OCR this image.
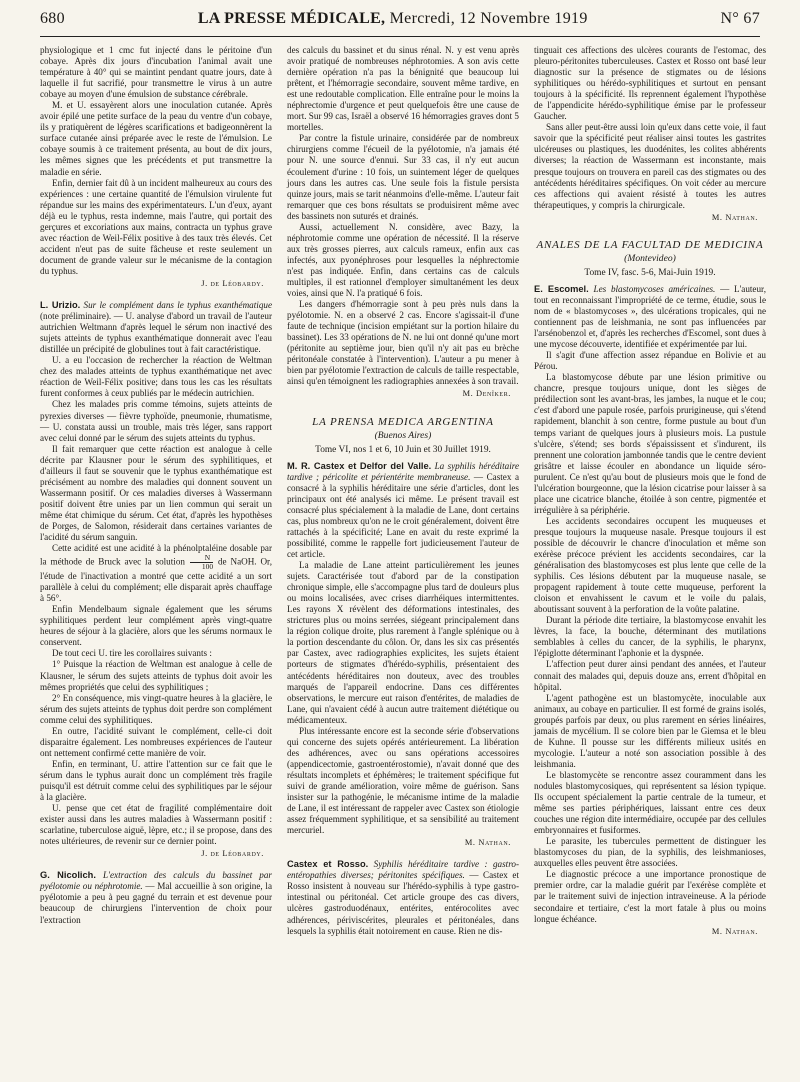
680	LA PRESSE MÉDICALE, Mercredi, 12 Novembre 1919	N° 67

physiologique et 1 cmc fut injecté dans le péritoine d'un cobaye. Après dix jours d'incubation l'animal avait une température à 40° qui se maintint pendant quatre jours, date à laquelle il fut sacrifié, pour transmettre le virus à un autre cobaye au moyen d'une émulsion de substance cérébrale.

M. et U. essayèrent alors une inoculation cutanée. Après avoir épilé une petite surface de la peau du ventre d'un cobaye, ils y pratiquèrent de légères scarifications et badigeonnèrent la surface cutanée ainsi préparée avec le reste de l'émulsion. Le cobaye soumis à ce traitement présenta, au bout de dix jours, les mêmes signes que les précédents et put transmettre la maladie en série.

Enfin, dernier fait dû à un incident malheureux au cours des expériences : une certaine quantité de l'émulsion virulente fut répandue sur les mains des expérimentateurs. L'un d'eux, ayant déjà eu le typhus, resta indemne, mais l'autre, qui portait des gerçures et excoriations aux mains, contracta un typhus grave avec réaction de Weil-Félix positive à des taux très élevés. Cet accident n'eut pas de suite fâcheuse et reste seulement un document de grande valeur sur le mécanisme de la contagion du typhus.

J. de Léobardy.

L. Urizio. Sur le complément dans le typhus exanthématique (note préliminaire). — U. analyse d'abord un travail de l'auteur autrichien Weltmann d'après lequel le sérum non inactivé des sujets atteints de typhus exanthématique donnerait avec l'eau distillée un précipité de globulines tout à fait caractéristique.

U. a eu l'occasion de rechercher la réaction de Weltman chez des malades atteints de typhus exanthématique net avec réaction de Weil-Félix positive; dans tous les cas les résultats furent conformes à ceux publiés par le médecin autrichien.

Chez les malades pris comme témoins, sujets atteints de pyrexies diverses — fièvre typhoïde, pneumonie, rhumatisme, — U. constata aussi un trouble, mais très léger, sans rapport avec celui donné par le sérum des sujets atteints du typhus.

Il fait remarquer que cette réaction est analogue à celle décrite par Klausner pour le sérum des syphilitiques, et d'ailleurs il faut se souvenir que le typhus exanthématique est précisément au nombre des maladies qui donnent souvent un Wassermann positif. Or ces maladies diverses à Wassermann positif doivent être unies par un lien commun qui serait un même état chimique du sérum. Cet état, d'après les hypothèses de Porges, de Salomon, résiderait dans certaines variantes de l'acidité du sérum sanguin.

Cette acidité est une acidité à la phénolptaléine dosable par la méthode de Bruck avec la solution $\frac{N}{100}$ de NaOH. Or, l'étude de l'inactivation a montré que cette acidité a un sort parallèle à celui du complément; elle disparait après chauffage à 56°.

Enfin Mendelbaum signale également que les sérums syphilitiques perdent leur complément après vingt-quatre heures de séjour à la glacière, alors que les sérums normaux le conservent.

De tout ceci U. tire les corollaires suivants :

1° Puisque la réaction de Weltman est analogue à celle de Klausner, le sérum des sujets atteints de typhus doit avoir les mêmes propriétés que celui des syphilitiques ;

2° En conséquence, mis vingt-quatre heures à la glacière, le sérum des sujets atteints de typhus doit perdre son complément comme celui des syphilitiques.

En outre, l'acidité suivant le complément, celle-ci doit disparaitre également. Les nombreuses expériences de l'auteur ont nettement confirmé cette manière de voir.

Enfin, en terminant, U. attire l'attention sur ce fait que le sérum dans le typhus aurait donc un complément très fragile puisqu'il est détruit comme celui des syphilitiques par le séjour à la glacière.

U. pense que cet état de fragilité complémentaire doit exister aussi dans les autres maladies à Wassermann positif : scarlatine, tuberculose aiguë, lèpre, etc.; il se propose, dans des notes ultérieures, de revenir sur ce dernier point.

J. de Léobardy.

G. Nicolich. L'extraction des calculs du bassinet par pyélotomie ou néphrotomie. — Mal accueillie à son origine, la pyélotomie a peu à peu gagné du terrain et est devenue pour beaucoup de chirurgiens l'intervention de choix pour l'extraction

des calculs du bassinet et du sinus rénal. N. y est venu après avoir pratiqué de nombreuses néphrotomies. A son avis cette dernière opération n'a pas la bénignité que beaucoup lui prêtent, et l'hémorragie secondaire, souvent même tardive, en est une redoutable complication. Elle entraîne pour le moins la néphrectomie d'urgence et peut quelquefois être une cause de mort. Sur 99 cas, Israël a observé 16 hémorragies graves dont 5 mortelles.

Par contre la fistule urinaire, considérée par de nombreux chirurgiens comme l'écueil de la pyélotomie, n'a jamais été pour N. une source d'ennui. Sur 33 cas, il n'y eut aucun écoulement d'urine : 10 fois, un suintement léger de quelques jours dans les autres cas. Une seule fois la fistule persista quinze jours, mais se tarit néanmoins d'elle-même. L'auteur fait remarquer que ces bons résultats se produisirent même avec des bassinets non suturés et drainés.

Aussi, actuellement N. considère, avec Bazy, la néphrotomie comme une opération de nécessité. Il la réserve aux très grosses pierres, aux calculs rameux, enfin aux cas infectés, aux pyonéphroses pour lesquelles la néphrectomie n'est pas indiquée. Enfin, dans certains cas de calculs multiples, il est rationnel d'employer simultanément les deux voies, ainsi que N. l'a pratiqué 6 fois.

Les dangers d'hémorragie sont à peu près nuls dans la pyélotomie. N. en a observé 2 cas. Encore s'agissait-il d'une faute de technique (incision empiétant sur la portion hilaire du bassinet). Les 33 opérations de N. ne lui ont donné qu'une mort (péritonite au septième jour, bien qu'il n'y ait pas eu brèche péritonéale constatée à l'intervention). L'auteur a pu mener à bien par pyélotomie l'extraction de calculs de taille respectable, ainsi qu'en témoignent les radiographies annexées à son travail.

M. Denîker.
LA PRENSA MEDICA ARGENTINA
(Buenos Aires)
Tome VI, nos 1 et 6, 10 Juin et 30 Juillet 1919.

M. R. Castex et Delfor del Valle. La syphilis héréditaire tardive ; péricolite et périentérite membraneuse. — Castex a consacré à la syphilis héréditaire une série d'articles, dont les principaux ont été analysés ici même. Le présent travail est consacré plus spécialement à la maladie de Lane, dont certains cas, plus nombreux qu'on ne le croit généralement, doivent être rattachés à la spécificité; Lane en avait du reste exprimé la possibilité, comme le rappelle fort judicieusement l'auteur de cet article.

La maladie de Lane atteint particulièrement les jeunes sujets. Caractérisée tout d'abord par de la constipation chronique simple, elle s'accompagne plus tard de douleurs plus ou moins localisées, avec crises diarrhéiques intermittentes. Les rayons X révèlent des déformations intestinales, des strictures plus ou moins serrées, siégeant principalement dans la région colique droite, plus rarement à l'angle splénique ou à la portion descendante du côlon. Or, dans les six cas présentés par Castex, avec radiographies explicites, les sujets étaient porteurs de stigmates d'hérédo-syphilis, présentaient des antécédents héréditaires non douteux, avec des troubles marqués de l'appareil endocrine. Dans ces différentes observations, le mercure eut raison d'entérites, de maladies de Lane, qui n'avaient cédé à aucun autre traitement diététique ou médicamenteux.

Plus intéressante encore est la seconde série d'observations qui concerne des sujets opérés antérieurement. La libération des adhérences, avec ou sans opérations accessoires (appendicectomie, gastroentérostomie), n'avait donné que des résultats incomplets et éphémères; le traitement spécifique fut suivi de grande amélioration, voire même de guérison. Sans insister sur la pathogénie, le mécanisme intime de la maladie de Lane, il est intéressant de rappeler avec Castex son étiologie assez fréquemment syphilitique, et sa sensibilité au traitement mercuriel.

M. Nathan.

Castex et Rosso. Syphilis héréditaire tardive : gastro-entéropathies diverses; péritonites spécifiques. — Castex et Rosso insistent à nouveau sur l'hérédo-syphilis à type gastro-intestinal ou péritonéal. Cet article groupe des cas divers, ulcères gastroduodénaux, entérites, entérocolites avec adhérences, périviscérites, pleurales et péritonéales, dans lesquels la syphilis était notoirement en cause. Rien ne dis-

tinguait ces affections des ulcères courants de l'estomac, des pleuro-péritonites tuberculeuses. Castex et Rosso ont basé leur diagnostic sur la présence de stigmates ou de lésions syphilitiques ou hérédo-syphilitiques et surtout en pensant toujours à la spécificité. Ils reprennent également l'hypothèse de l'appendicite hérédo-syphilitique émise par le professeur Gaucher.

Sans aller peut-être aussi loin qu'eux dans cette voie, il faut savoir que la spécificité peut réaliser ainsi toutes les gastrites ulcéreuses ou plastiques, les duodénites, les colites abhérents diverses; la réaction de Wassermann est inconstante, mais presque toujours on trouvera en pareil cas des stigmates ou des antécédents héréditaires spécifiques. On voit céder au mercure ces affections qui avaient résisté à toutes les autres thérapeutiques, y compris la chirurgicale.

M. Nathan.
ANALES DE LA FACULTAD DE MEDICINA
(Montevideo)
Tome IV, fasc. 5-6, Mai-Juin 1919.

E. Escomel. Les blastomycoses américaines. — L'auteur, tout en reconnaissant l'impropriété de ce terme, étudie, sous le nom de « blastomycoses », des ulcérations tropicales, qui ne contiennent pas de leishmania, ne sont pas influencées par l'arsénobenzol et, d'après les recherches d'Escomel, sont dues à une mycose découverte, identifiée et expérimentée par lui.

Il s'agit d'une affection assez répandue en Bolivie et au Pérou.

La blastomycose débute par une lésion primitive ou chancre, presque toujours unique, dont les sièges de prédilection sont les avant-bras, les jambes, la nuque et le cou; c'est d'abord une papule rosée, parfois prurigineuse, qui s'étend rapidement, blanchit à son centre, forme pustule au bout d'un temps variant de quelques jours à plusieurs mois. La pustule s'ulcère, s'étend; ses bords s'épaississent et s'indurent, ils prennent une coloration jambonnée tandis que le centre devient grisâtre et laisse écouler en abondance un liquide séro-purulent. Ce n'est qu'au bout de plusieurs mois que le fond de l'ulcération bourgeonne, que la lésion cicatrise pour laisser à sa place une cicatrice blanche, étoilée à son centre, pigmentée et irrégulière à sa périphérie.

Les accidents secondaires occupent les muqueuses et presque toujours la muqueuse nasale. Presque toujours il est possible de découvrir le chancre d'inoculation et même son exérèse précoce prévient les accidents secondaires, car la généralisation des blastomycoses est plus lente que celle de la syphilis. Ces lésions débutent par la muqueuse nasale, se propagent rapidement à toute cette muqueuse, perforent la cloison et envahissent le cavum et le voile du palais, aboutissant souvent à la perforation de la voûte palatine.

Durant la période dite tertiaire, la blastomycose envahit les lèvres, la face, la bouche, déterminant des mutilations semblables à celles du cancer, de la syphilis, le pharynx, l'épiglotte déterminant l'aphonie et la dyspnée.

L'affection peut durer ainsi pendant des années, et l'auteur connait des malades qui, depuis douze ans, errent d'hôpital en hôpital.

L'agent pathogène est un blastomycète, inoculable aux animaux, au cobaye en particulier. Il est formé de grains isolés, groupés parfois par deux, ou plus rarement en séries linéaires, jamais de mycélium. Il se colore bien par le Giemsa et le bleu de Kuhne. Il pousse sur les différents milieux usités en mycologie. L'auteur a noté son association possible à des leishmania.

Le blastomycète se rencontre assez couramment dans les nodules blastomycosiques, qui représentent sa lésion typique. Ils occupent spécialement la partie centrale de la tumeur, et même ses parties périphériques, laissant entre ces deux couches une région dite intermédiaire, occupée par des cellules embryonnaires et fusiformes.

Le parasite, les tubercules permettent de distinguer les blastomycoses du pian, de la syphilis, des leishmanioses, auxquelles elles peuvent être associées.

Le diagnostic précoce a une importance pronostique de premier ordre, car la maladie guérit par l'exérèse complète et par le traitement suivi de injection intraveineuse. A la période secondaire et tertiaire, c'est la mort fatale à plus ou moins longue échéance.

M. Nathan.
